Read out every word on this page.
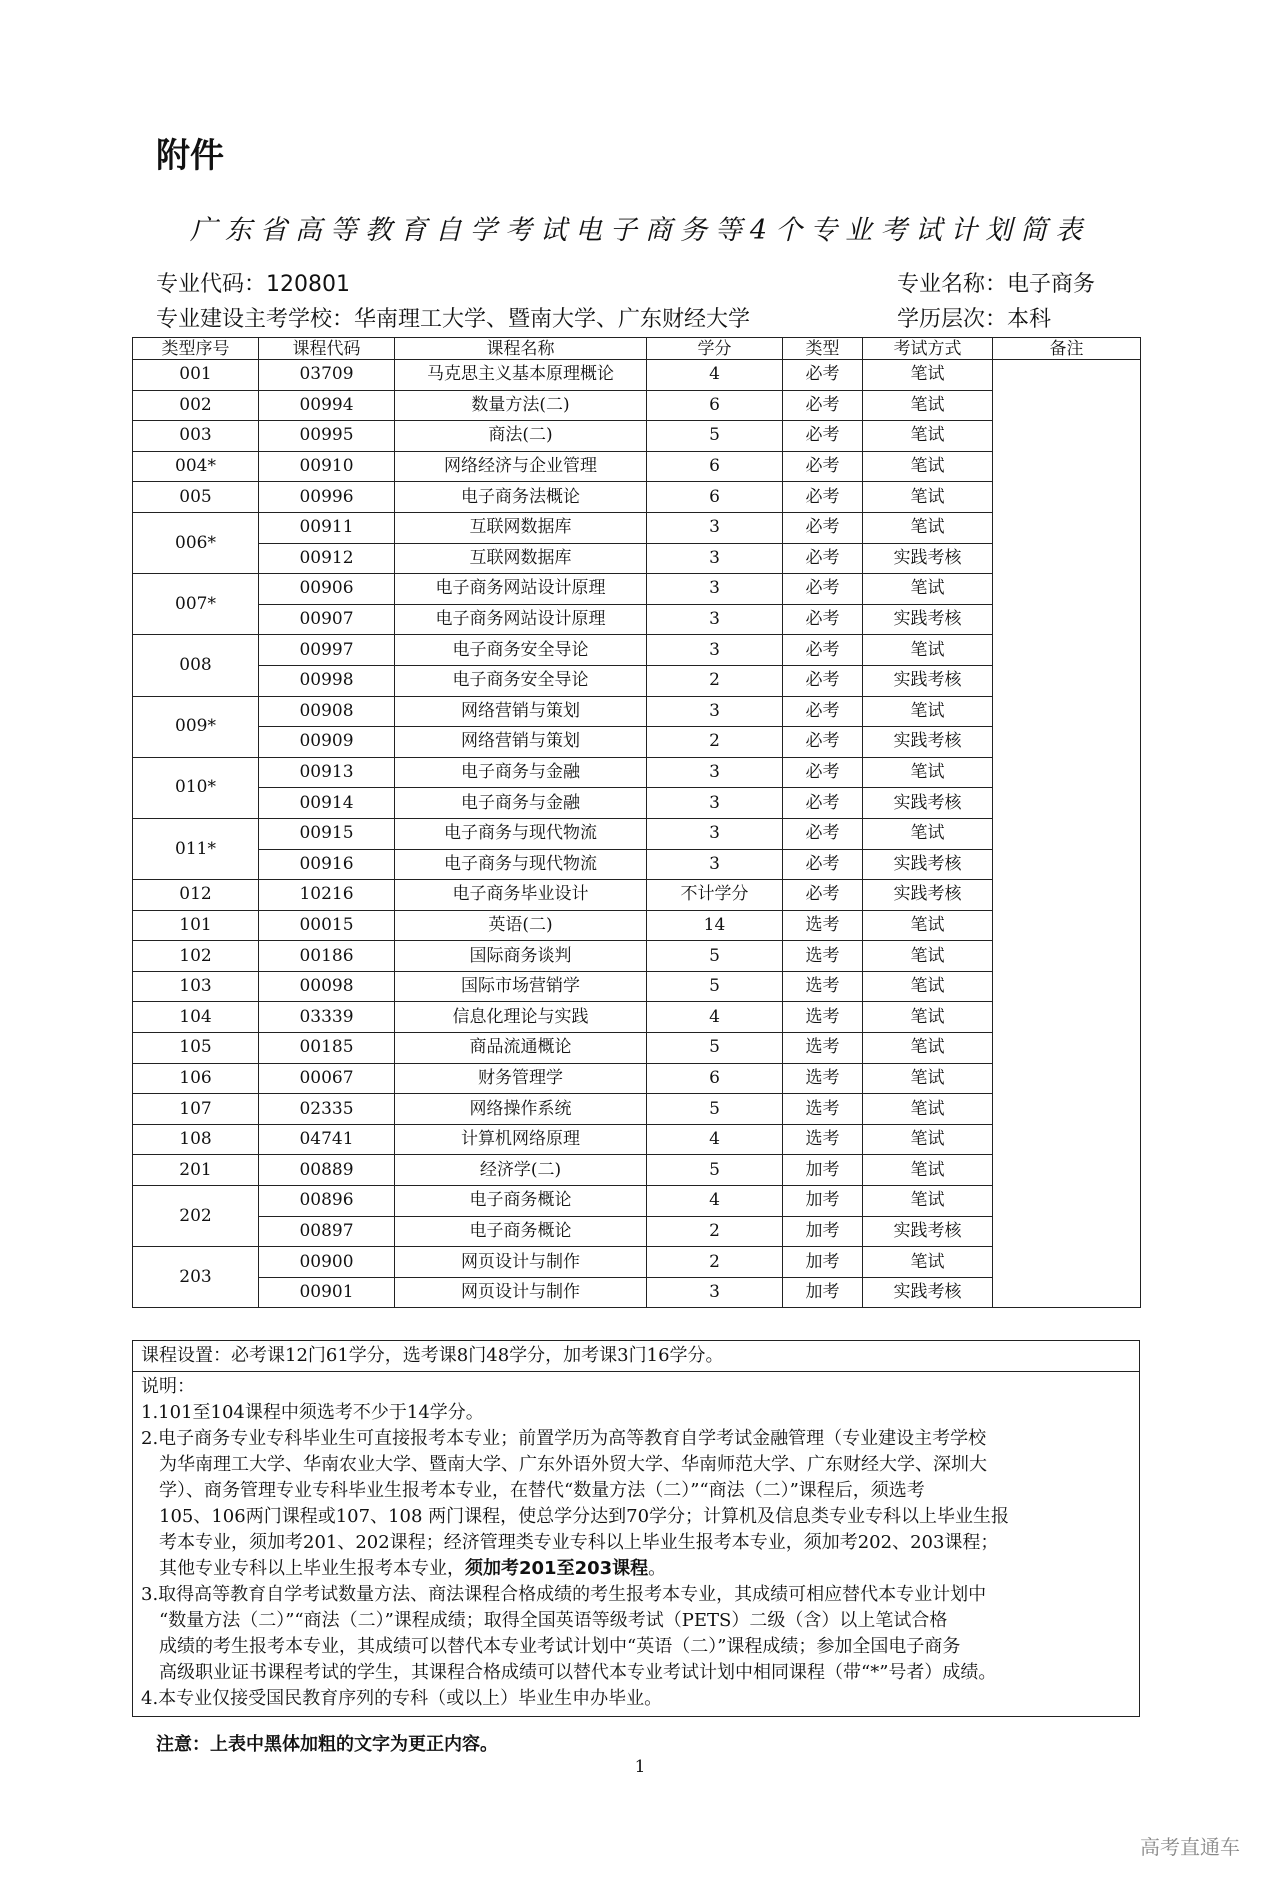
附件
广东省高等教育自学考试电子商务等4个专业考试计划简表
专业代码：120801	专业名称：电子商务
专业建设主考学校：华南理工大学、暨南大学、广东财经大学	学历层次：本科
类型序号	课程代码	课程名称	学分	类型	考试方式	备注
001	03709	马克思主义基本原理概论	4	必考	笔试	
002	00994	数量方法(二)	6	必考	笔试	
003	00995	商法(二)	5	必考	笔试	
004*	00910	网络经济与企业管理	6	必考	笔试	
005	00996	电子商务法概论	6	必考	笔试	
006*	00911	互联网数据库	3	必考	笔试	
	00912	互联网数据库	3	必考	实践考核	
007*	00906	电子商务网站设计原理	3	必考	笔试	
	00907	电子商务网站设计原理	3	必考	实践考核	
008	00997	电子商务安全导论	3	必考	笔试	
	00998	电子商务安全导论	2	必考	实践考核	
009*	00908	网络营销与策划	3	必考	笔试	
	00909	网络营销与策划	2	必考	实践考核	
010*	00913	电子商务与金融	3	必考	笔试	
	00914	电子商务与金融	3	必考	实践考核	
011*	00915	电子商务与现代物流	3	必考	笔试	
	00916	电子商务与现代物流	3	必考	实践考核	
012	10216	电子商务毕业设计	不计学分	必考	实践考核	
101	00015	英语(二)	14	选考	笔试	
102	00186	国际商务谈判	5	选考	笔试	
103	00098	国际市场营销学	5	选考	笔试	
104	03339	信息化理论与实践	4	选考	笔试	
105	00185	商品流通概论	5	选考	笔试	
106	00067	财务管理学	6	选考	笔试	
107	02335	网络操作系统	5	选考	笔试	
108	04741	计算机网络原理	4	选考	笔试	
201	00889	经济学(二)	5	加考	笔试	
202	00896	电子商务概论	4	加考	笔试	
	00897	电子商务概论	2	加考	实践考核	
203	00900	网页设计与制作	2	加考	笔试	
	00901	网页设计与制作	3	加考	实践考核	
课程设置：必考课12门61学分，选考课8门48学分，加考课3门16学分。
说明：
1.101至104课程中须选考不少于14学分。
2.电子商务专业专科毕业生可直接报考本专业；前置学历为高等教育自学考试金融管理（专业建设主考学校
为华南理工大学、华南农业大学、暨南大学、广东外语外贸大学、华南师范大学、广东财经大学、深圳大
学）、商务管理专业专科毕业生报考本专业，在替代“数量方法（二）”“商法（二）”课程后，须选考
105、106两门课程或107、108 两门课程，使总学分达到70学分；计算机及信息类专业专科以上毕业生报
考本专业，须加考201、202课程；经济管理类专业专科以上毕业生报考本专业，须加考202、203课程；
其他专业专科以上毕业生报考本专业，须加考201至203课程。
3.取得高等教育自学考试数量方法、商法课程合格成绩的考生报考本专业，其成绩可相应替代本专业计划中
“数量方法（二）”“商法（二）”课程成绩；取得全国英语等级考试（PETS）二级（含）以上笔试合格
成绩的考生报考本专业，其成绩可以替代本专业考试计划中“英语（二）”课程成绩；参加全国电子商务
高级职业证书课程考试的学生，其课程合格成绩可以替代本专业考试计划中相同课程（带“*”号者）成绩。
4.本专业仅接受国民教育序列的专科（或以上）毕业生申办毕业。
注意：上表中黑体加粗的文字为更正内容。
1
高考直通车
